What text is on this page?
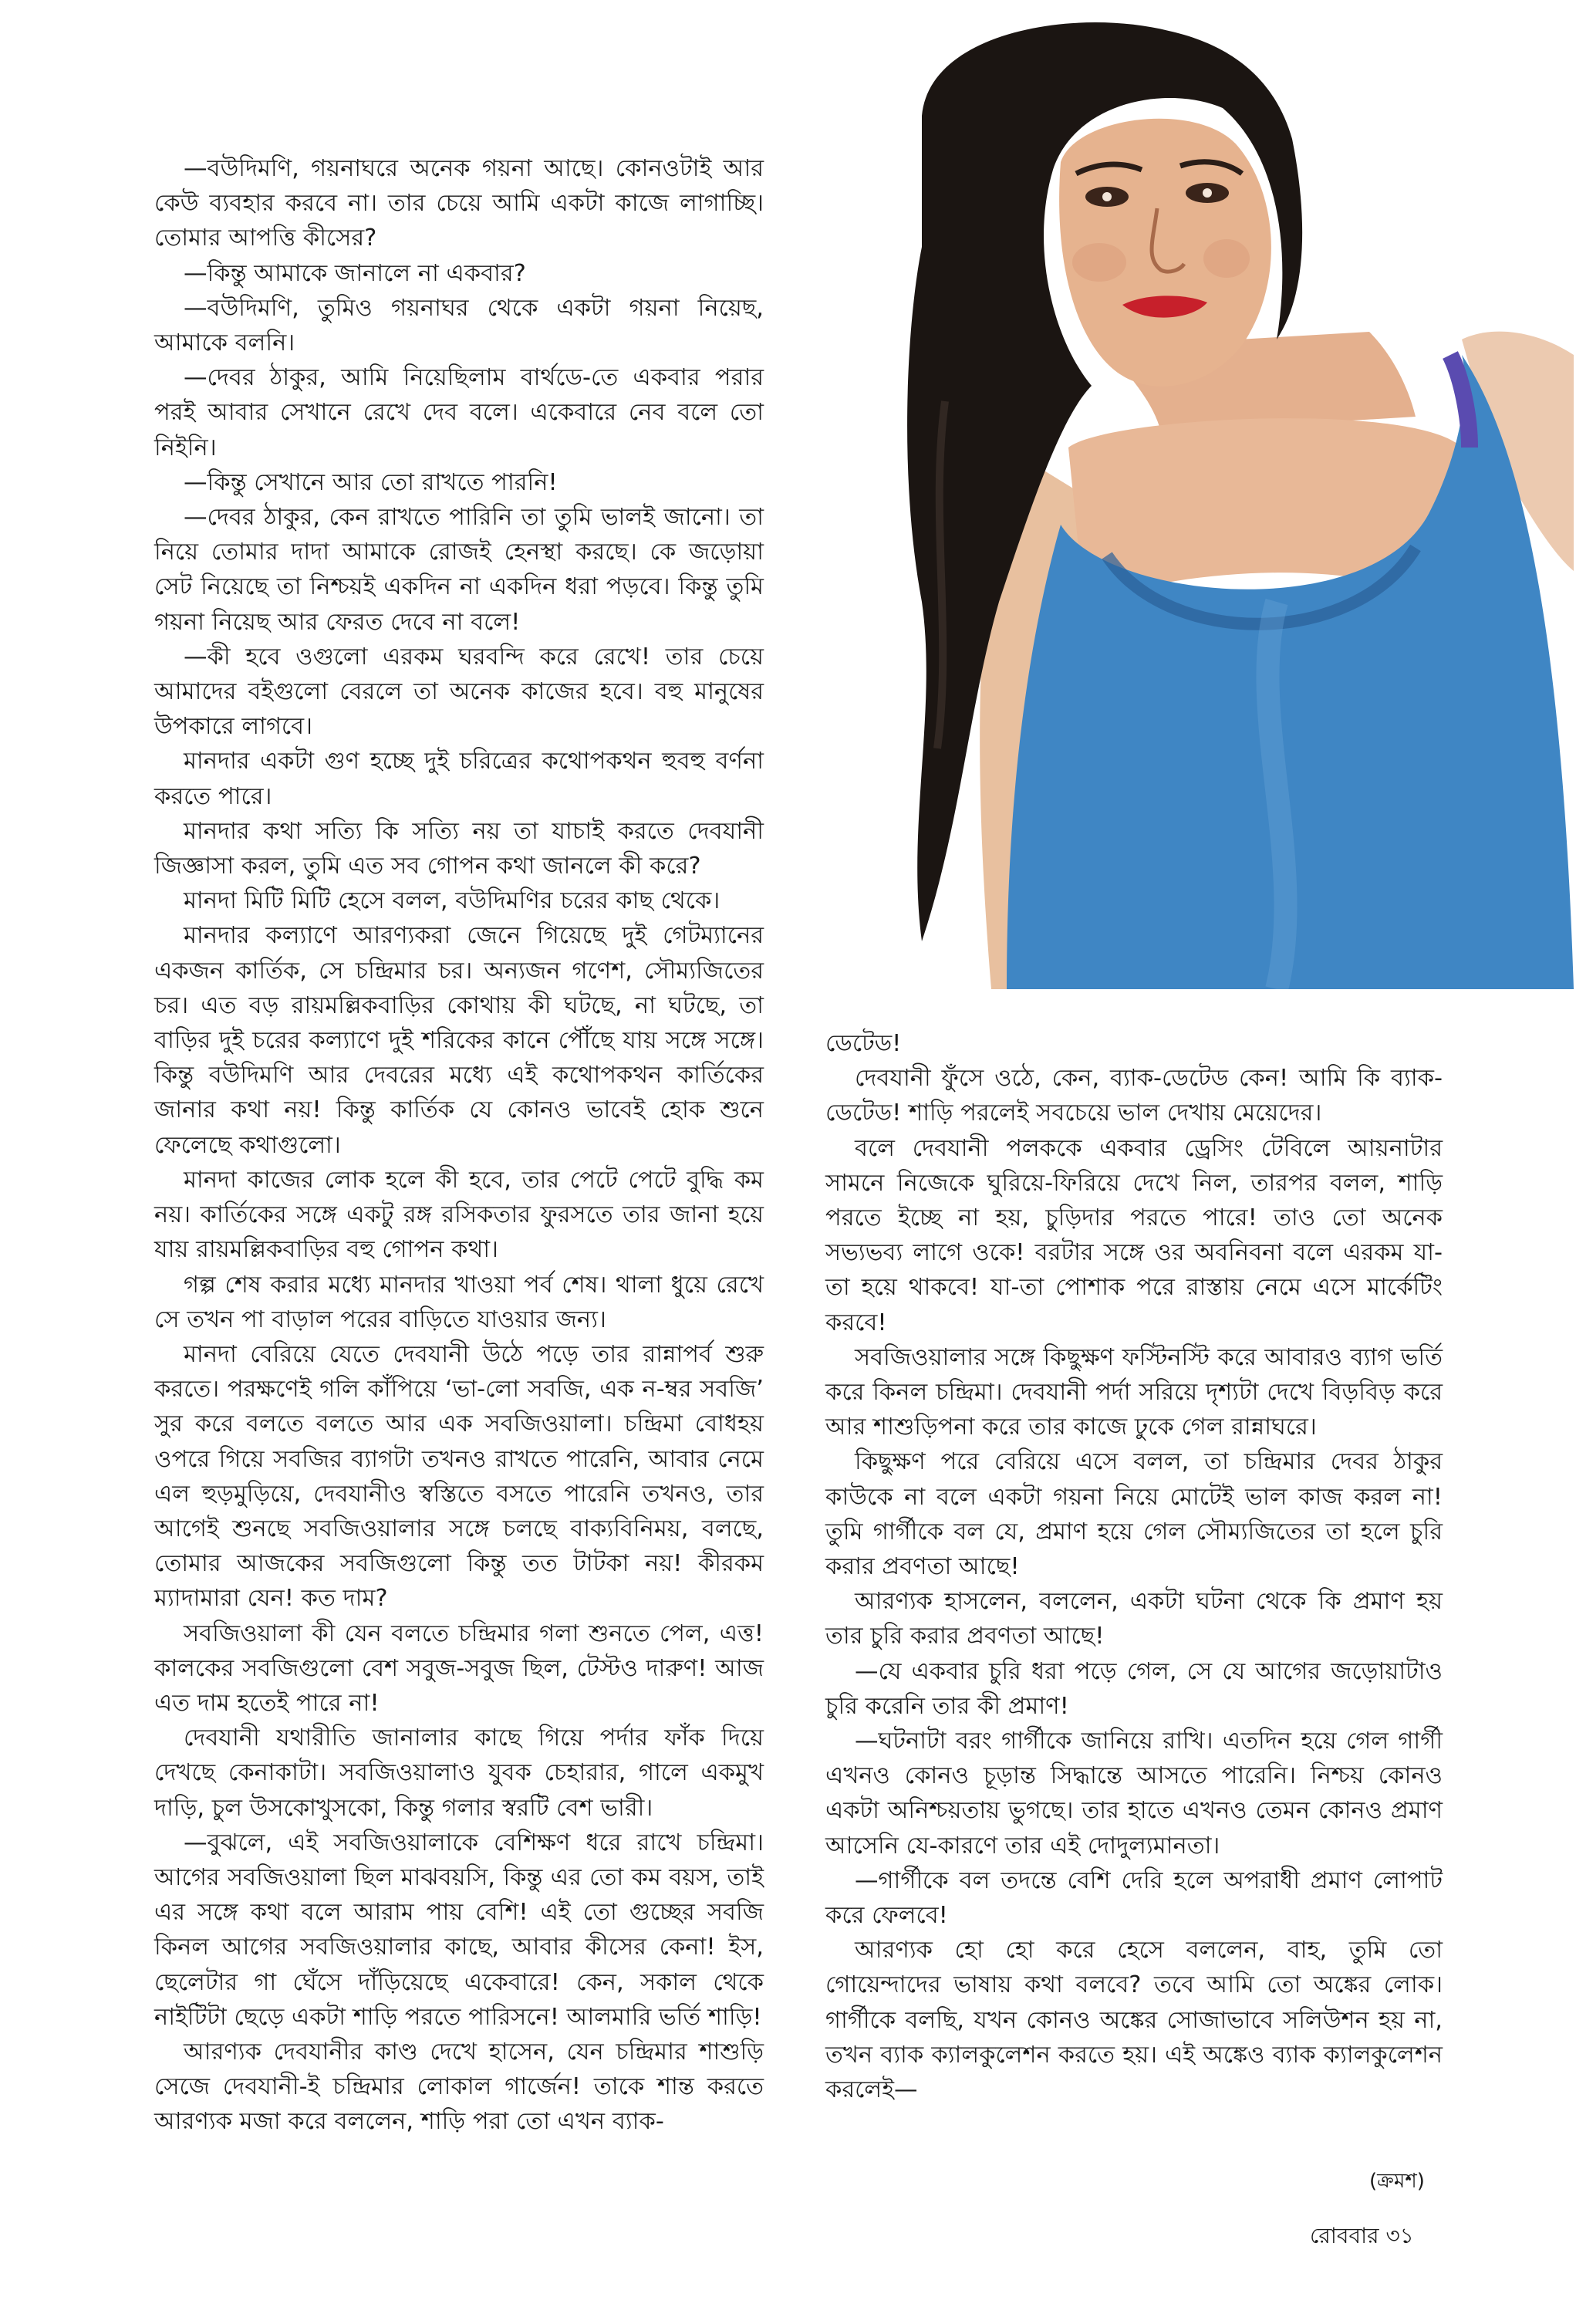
—বউদিমণি, গয়নাঘরে অনেক গয়না আছে। কোনওটাই আর কেউ ব্যবহার করবে না। তার চেয়ে আমি একটা কাজে লাগাচ্ছি। তোমার আপত্তি কীসের?

—কিন্তু আমাকে জানালে না একবার?

—বউদিমণি, তুমিও গয়নাঘর থেকে একটা গয়না নিয়েছ, আমাকে বলনি।

—দেবর ঠাকুর, আমি নিয়েছিলাম বার্থডে-তে একবার পরার পরই আবার সেখানে রেখে দেব বলে। একেবারে নেব বলে তো নিইনি।

—কিন্তু সেখানে আর তো রাখতে পারনি!

—দেবর ঠাকুর, কেন রাখতে পারিনি তা তুমি ভালই জানো। তা নিয়ে তোমার দাদা আমাকে রোজই হেনস্থা করছে। কে জড়োয়া সেট নিয়েছে তা নিশ্চয়ই একদিন না একদিন ধরা পড়বে। কিন্তু তুমি গয়না নিয়েছ আর ফেরত দেবে না বলে!

—কী হবে ওগুলো এরকম ঘরবন্দি করে রেখে! তার চেয়ে আমাদের বইগুলো বেরলে তা অনেক কাজের হবে। বহু মানুষের উপকারে লাগবে।

মানদার একটা গুণ হচ্ছে দুই চরিত্রের কথোপকথন হুবহু বর্ণনা করতে পারে।

মানদার কথা সত্যি কি সত্যি নয় তা যাচাই করতে দেবযানী জিজ্ঞাসা করল, তুমি এত সব গোপন কথা জানলে কী করে?

মানদা মিটি মিটি হেসে বলল, বউদিমণির চরের কাছ থেকে।

মানদার কল্যাণে আরণ্যকরা জেনে গিয়েছে দুই গেটম্যানের একজন কার্তিক, সে চন্দ্রিমার চর। অন্যজন গণেশ, সৌম্যজিতের চর। এত বড় রায়মল্লিকবাড়ির কোথায় কী ঘটছে, না ঘটছে, তা বাড়ির দুই চরের কল্যাণে দুই শরিকের কানে পৌঁছে যায় সঙ্গে সঙ্গে। কিন্তু বউদিমণি আর দেবরের মধ্যে এই কথোপকথন কার্তিকের জানার কথা নয়! কিন্তু কার্তিক যে কোনও ভাবেই হোক শুনে ফেলেছে কথাগুলো।

মানদা কাজের লোক হলে কী হবে, তার পেটে পেটে বুদ্ধি কম নয়। কার্তিকের সঙ্গে একটু রঙ্গ রসিকতার ফুরসতে তার জানা হয়ে যায় রায়মল্লিকবাড়ির বহু গোপন কথা।

গল্প শেষ করার মধ্যে মানদার খাওয়া পর্ব শেষ। থালা ধুয়ে রেখে সে তখন পা বাড়াল পরের বাড়িতে যাওয়ার জন্য।

মানদা বেরিয়ে যেতে দেবযানী উঠে পড়ে তার রান্নাপর্ব শুরু করতে। পরক্ষণেই গলি কাঁপিয়ে ‘ভা-লো সবজি, এক ন-ম্বর সবজি’ সুর করে বলতে বলতে আর এক সবজিওয়ালা। চন্দ্রিমা বোধহয় ওপরে গিয়ে সবজির ব্যাগটা তখনও রাখতে পারেনি, আবার নেমে এল হুড়মুড়িয়ে, দেবযানীও স্বস্তিতে বসতে পারেনি তখনও, তার আগেই শুনছে সবজিওয়ালার সঙ্গে চলছে বাক্যবিনিময়, বলছে, তোমার আজকের সবজিগুলো কিন্তু তত টাটকা নয়! কীরকম ম্যাদামারা যেন! কত দাম?

সবজিওয়ালা কী যেন বলতে চন্দ্রিমার গলা শুনতে পেল, এত্ত! কালকের সবজিগুলো বেশ সবুজ-সবুজ ছিল, টেস্টও দারুণ! আজ এত দাম হতেই পারে না!

দেবযানী যথারীতি জানালার কাছে গিয়ে পর্দার ফাঁক দিয়ে দেখছে কেনাকাটা। সবজিওয়ালাও যুবক চেহারার, গালে একমুখ দাড়ি, চুল উসকোখুসকো, কিন্তু গলার স্বরটি বেশ ভারী।

—বুঝলে, এই সবজিওয়ালাকে বেশিক্ষণ ধরে রাখে চন্দ্রিমা। আগের সবজিওয়ালা ছিল মাঝবয়সি, কিন্তু এর তো কম বয়স, তাই এর সঙ্গে কথা বলে আরাম পায় বেশি! এই তো গুচ্ছের সবজি কিনল আগের সবজিওয়ালার কাছে, আবার কীসের কেনা! ইস, ছেলেটার গা ঘেঁসে দাঁড়িয়েছে একেবারে! কেন, সকাল থেকে নাইটিটা ছেড়ে একটা শাড়ি পরতে পারিসনে! আলমারি ভর্তি শাড়ি!

আরণ্যক দেবযানীর কাণ্ড দেখে হাসেন, যেন চন্দ্রিমার শাশুড়ি সেজে দেবযানী-ই চন্দ্রিমার লোকাল গার্জেন! তাকে শান্ত করতে আরণ্যক মজা করে বললেন, শাড়ি পরা তো এখন ব্যাক-

ডেটেড!

দেবযানী ফুঁসে ওঠে, কেন, ব্যাক-ডেটেড কেন! আমি কি ব্যাক-ডেটেড! শাড়ি পরলেই সবচেয়ে ভাল দেখায় মেয়েদের।

বলে দেবযানী পলককে একবার ড্রেসিং টেবিলে আয়নাটার সামনে নিজেকে ঘুরিয়ে-ফিরিয়ে দেখে নিল, তারপর বলল, শাড়ি পরতে ইচ্ছে না হয়, চুড়িদার পরতে পারে! তাও তো অনেক সভ্যভব্য লাগে ওকে! বরটার সঙ্গে ওর অবনিবনা বলে এরকম যা-তা হয়ে থাকবে! যা-তা পোশাক পরে রাস্তায় নেমে এসে মার্কেটিং করবে!

সবজিওয়ালার সঙ্গে কিছুক্ষণ ফস্টিনস্টি করে আবারও ব্যাগ ভর্তি করে কিনল চন্দ্রিমা। দেবযানী পর্দা সরিয়ে দৃশ্যটা দেখে বিড়বিড় করে আর শাশুড়িপনা করে তার কাজে ঢুকে গেল রান্নাঘরে।

কিছুক্ষণ পরে বেরিয়ে এসে বলল, তা চন্দ্রিমার দেবর ঠাকুর কাউকে না বলে একটা গয়না নিয়ে মোটেই ভাল কাজ করল না! তুমি গার্গীকে বল যে, প্রমাণ হয়ে গেল সৌম্যজিতের তা হলে চুরি করার প্রবণতা আছে!

আরণ্যক হাসলেন, বললেন, একটা ঘটনা থেকে কি প্রমাণ হয় তার চুরি করার প্রবণতা আছে!

—যে একবার চুরি ধরা পড়ে গেল, সে যে আগের জড়োয়াটাও চুরি করেনি তার কী প্রমাণ!

—ঘটনাটা বরং গার্গীকে জানিয়ে রাখি। এতদিন হয়ে গেল গার্গী এখনও কোনও চূড়ান্ত সিদ্ধান্তে আসতে পারেনি। নিশ্চয় কোনও একটা অনিশ্চয়তায় ভুগছে। তার হাতে এখনও তেমন কোনও প্রমাণ আসেনি যে-কারণে তার এই দোদুল্যমানতা।

—গার্গীকে বল তদন্তে বেশি দেরি হলে অপরাধী প্রমাণ লোপাট করে ফেলবে!

আরণ্যক হো হো করে হেসে বললেন, বাহ, তুমি তো গোয়েন্দাদের ভাষায় কথা বলবে? তবে আমি তো অঙ্কের লোক। গার্গীকে বলছি, যখন কোনও অঙ্কের সোজাভাবে সলিউশন হয় না, তখন ব্যাক ক্যালকুলেশন করতে হয়। এই অঙ্কেও ব্যাক ক্যালকুলেশন করলেই—

(ক্রমশ)
রোববার ৩১
